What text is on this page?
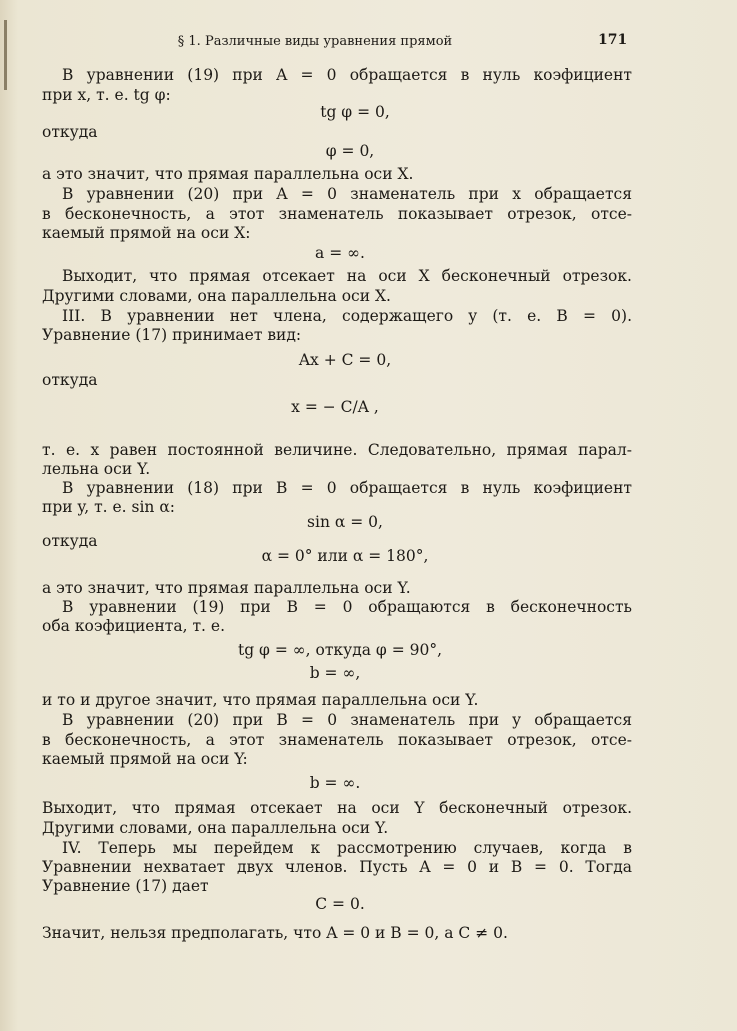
§ 1. Различные виды уравнения прямой	171
В уравнении (19) при A = 0 обращается в нуль коэфициент
при x, т. е. tg φ:
tg φ = 0,
откуда
φ = 0,
а это значит, что прямая параллельна оси X.
В уравнении (20) при A = 0 знаменатель при x обращается
в бесконечность, а этот знаменатель показывает отрезок, отсе-
каемый прямой на оси X:
a = ∞.
Выходит, что прямая отсекает на оси X бесконечный отрезок.
Другими словами, она параллельна оси X.
III. В уравнении нет члена, содержащего y (т. е. B = 0).
Уравнение (17) принимает вид:
Ax + C = 0,
откуда
x = − C/A ,
т. е. x равен постоянной величине. Следовательно, прямая парал-
лельна оси Y.
В уравнении (18) при B = 0 обращается в нуль коэфициент
при y, т. е. sin α:
sin α = 0,
откуда
α = 0° или α = 180°,
а это значит, что прямая параллельна оси Y.
В уравнении (19) при B = 0 обращаются в бесконечность
оба коэфициента, т. е.
tg φ = ∞, откуда φ = 90°,
b = ∞,
и то и другое значит, что прямая параллельна оси Y.
В уравнении (20) при B = 0 знаменатель при y обращается
в бесконечность, а этот знаменатель показывает отрезок, отсе-
каемый прямой на оси Y:
b = ∞.
Выходит, что прямая отсекает на оси Y бесконечный отрезок.
Другими словами, она параллельна оси Y.
IV. Теперь мы перейдем к рассмотрению случаев, когда в
Уравнении нехватает двух членов. Пусть A = 0 и B = 0. Тогда
Уравнение (17) дает
C = 0.
Значит, нельзя предполагать, что A = 0 и B = 0, а C ≠ 0.
